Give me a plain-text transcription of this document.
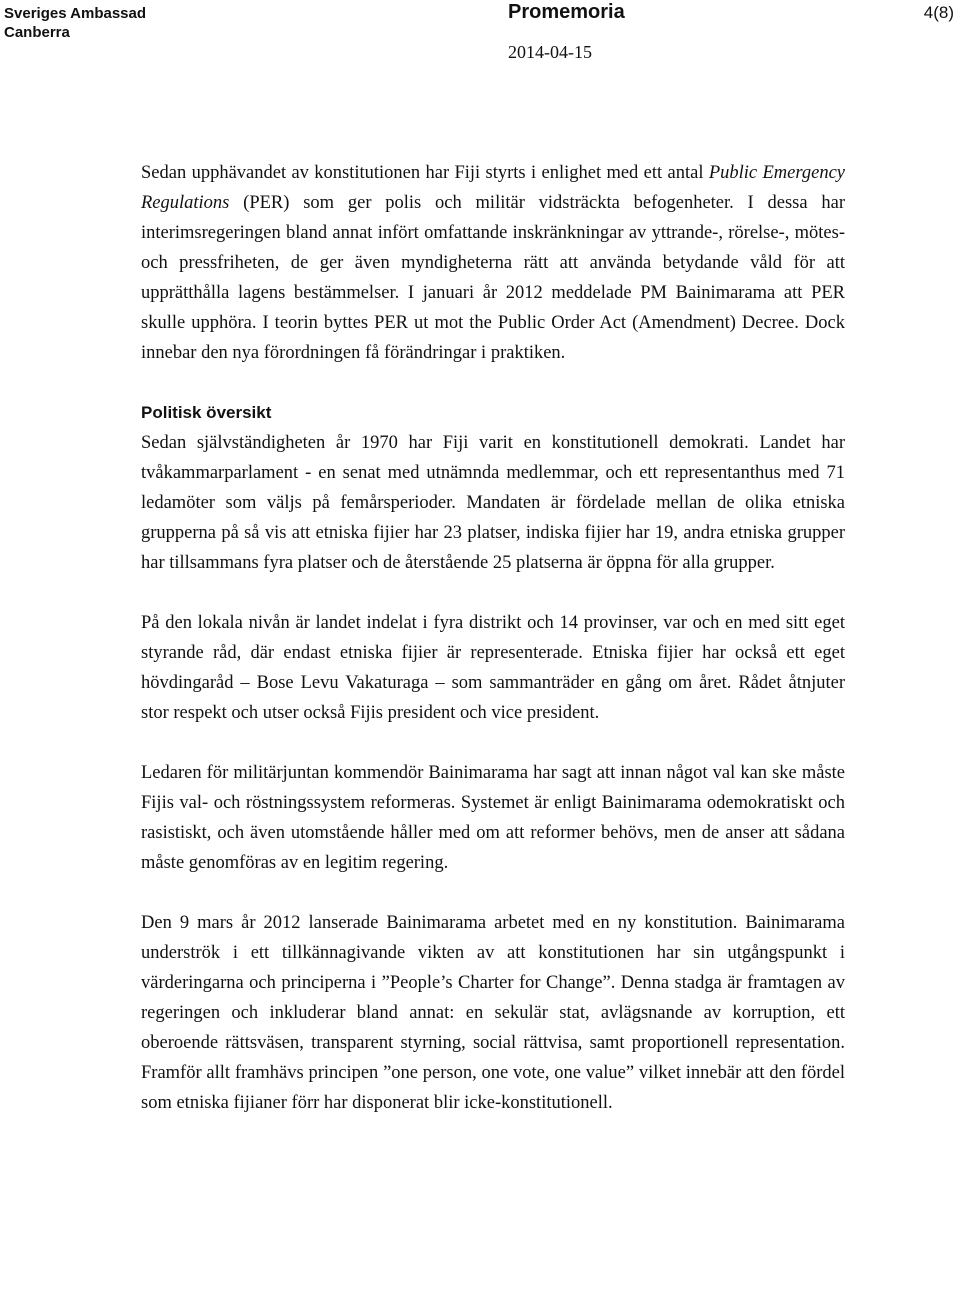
Sveriges Ambassad
Canberra
Promemoria	4(8)
2014-04-15

Sedan upphävandet av konstitutionen har Fiji styrts i enlighet med ett antal Public Emergency Regulations (PER) som ger polis och militär vidsträckta befogenheter. I dessa har interimsregeringen bland annat infört omfattande inskränkningar av yttrande-, rörelse-, mötes- och pressfriheten, de ger även myndigheterna rätt att använda betydande våld för att upprätthålla lagens bestämmelser. I januari år 2012 meddelade PM Bainimarama att PER skulle upphöra. I teorin byttes PER ut mot the Public Order Act (Amendment) Decree. Dock innebar den nya förordningen få förändringar i praktiken.

Politisk översikt

Sedan självständigheten år 1970 har Fiji varit en konstitutionell demokrati. Landet har tvåkammarparlament - en senat med utnämnda medlemmar, och ett representanthus med 71 ledamöter som väljs på femårsperioder. Mandaten är fördelade mellan de olika etniska grupperna på så vis att etniska fijier har 23 platser, indiska fijier har 19, andra etniska grupper har tillsammans fyra platser och de återstående 25 platserna är öppna för alla grupper.

På den lokala nivån är landet indelat i fyra distrikt och 14 provinser, var och en med sitt eget styrande råd, där endast etniska fijier är representerade. Etniska fijier har också ett eget hövdingaråd – Bose Levu Vakaturaga – som sammanträder en gång om året. Rådet åtnjuter stor respekt och utser också Fijis president och vice president.

Ledaren för militärjuntan kommendör Bainimarama har sagt att innan något val kan ske måste Fijis val- och röstningssystem reformeras. Systemet är enligt Bainimarama odemokratiskt och rasistiskt, och även utomstående håller med om att reformer behövs, men de anser att sådana måste genomföras av en legitim regering.

Den 9 mars år 2012 lanserade Bainimarama arbetet med en ny konstitution. Bainimarama underströk i ett tillkännagivande vikten av att konstitutionen har sin utgångspunkt i värderingarna och principerna i ”People’s Charter for Change”. Denna stadga är framtagen av regeringen och inkluderar bland annat: en sekulär stat, avlägsnande av korruption, ett oberoende rättsväsen, transparent styrning, social rättvisa, samt proportionell representation. Framför allt framhävs principen ”one person, one vote, one value” vilket innebär att den fördel som etniska fijianer förr har disponerat blir icke-konstitutionell.
